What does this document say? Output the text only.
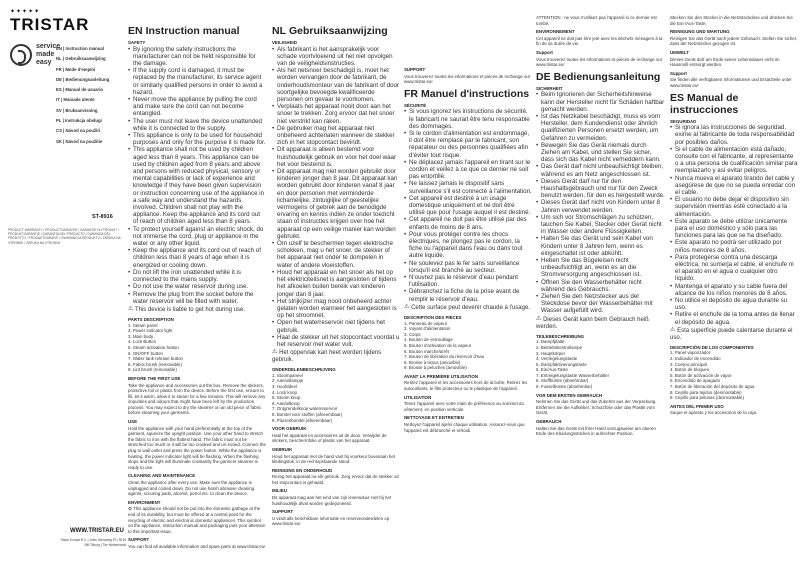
✦✦✦✦✦
TRISTAR
service
made
easy
EN | Instruction manual
NL | Gebruiksaanwijzing
FR | Mode d'emploi
DE | Bedienungsanleitung
ES | Manual de usuario
IT | Manuale utente
SV | Bruksanvisning
PL | Instrukcja obsługi
CS | Návod na použití
SK | Návod na použitie
ST-8916
PRODUCT WARRANTY / PRODUCTGARANTIE / GARANTIE DU PRODUIT / PRODUKTGARANTIE / GARANTÍA DEL PRODUCTO / GARANZIA DEL PRODOTTO / PRODUKTGARANTI / GWARANCJA PRODUKTU / ZÁRUKA NA VÝROBEK / ZÁRUKA NA VÝROBOK
WWW.TRISTAR.EU
Tristar Europe B.V. | Jules Verneweg 87 | 5015 BM Tilburg | The Netherlands
EN Instruction manual
SAFETY
• By ignoring the safety instructions the manufacturer can not be held responsible for the damage.
• If the supply cord is damaged, it must be replaced by the manufacturer, its service agent or similarly qualified persons in order to avoid a hazard.
• Never move the appliance by pulling the cord and make sure the cord can not become entangled.
• The user must not leave the device unattended while it is connected to the supply.
• This appliance is only to be used for household purposes and only for the purpose it is made for.
• This appliance shall not be used by children aged less than 8 years. This appliance can be used by children aged from 8 years and above and persons with reduced physical, sensory or mental capabilities or lack of experience and knowledge if they have been given supervision or instruction concerning use of the appliance in a safe way and understand the hazards involved. Children shall not play with the appliance. Keep the appliance and its cord out of reach of children aged less than 8 years.
• To protect yourself against an electric shock, do not immerse the cord, plug or appliance in the water or any other liquid.
• Keep the appliance and its cord out of reach of children less than 8 years of age when it is energized or cooling down.
• Do not lift the iron unattended while it is connected to the mains supply.
• Do not use the water reservoir during use.
• Remove the plug from the socket before the water reservoir will be filled with water.

⚠ This device is liable to get hot during use.

PARTS DESCRIPTION
1. Steam panel
2. Power indicator light
3. Main body
4. Lock Button
5. Steam activation button
6. ON/OFF button
7. Water tank release button
8. Fabric brush (removable)
9. Lint brush (removable)
BEFORE THE FIRST USE

Take the appliance and accessories out the box. Remove the stickers, protective foil or plastic from the device. Before the first use, ensure to fill, let it warm, allow it to steam for a few minutes. This will remove any impurities and odours that might have been left by the production process. You may expect to dry the steamer on an old piece of fabric before steaming your garments.

USE

Hold the appliance with your hand preferentially at the top of the garment, squeeze the upright position. Use your other hand to stretch the fabric to iron with the flattest hand. The fabric must not be stretched too much or it will be too crooked and un-ironed. Connect the plug to wall outlet and press the power button. While the appliance is heating, the power indicator light will be flashing. When the flashing stops and the light will illuminate constantly the garment steamer is ready to use.

CLEANING AND MAINTENANCE

Clean the appliance after every use. Make sure the appliance is unplugged and cooled down. Do not use harsh abrasive cleaning agents, scouring pads, alcohol, petrol etc. to clean the device.

ENVIRONMENT

♻ This appliance should not be put into the domestic garbage at the end of its durability, but must be offered at a central point for the recycling of electric and electronic domestic appliances. This symbol on the appliance, instruction manual and packaging puts your attention to this important issue.

SUPPORT

You can find all available information and spare parts at www.tristar.eu!

NL Gebruiksaanwijzing
VEILIGHEID
• Als fabrikant is het aansprakelijk voor schade voortvloeiend uit het niet opvolgen van de veiligheidsinstructies.
• Als het netsnoer beschadigd is, moet het worden vervangen door de fabrikant, de onderhoudsmonteur van de fabrikant of door soortgelijke bevoegde kwalificeerde personen om gevaar te voorkomen.
• Verplaats het apparaat nooit door aan het snoer te trekken. Zorg ervoor dat het snoer niet verstrikt kan raken.
• De gebruiker mag het apparaat niet onbeheerd achterlaten wanneer de stekker zich in het stopcontact bevindt.
• Dit apparaat is alleen bestemd voor huishoudelijk gebruik en voor het doel waar het voor bestemd is.
• Dit apparaat mag niet worden gebruikt door kinderen jonger dan 8 jaar. Dit apparaat kan worden gebruikt door kinderen vanaf 8 jaar en door personen met verminderde lichamelijke, zintuiglijke of geestelijke vermogens of gebrek aan de benodigde ervaring en kennis indien ze onder toezicht staan of instructies krijgen over hoe het apparaat op een veilige manier kan worden gebruikt.
• Om uzelf te beschermen tegen elektrische schokken, mag u het snoer, de stekker of het apparaat niet onder te dompelen in water of andere vloeistoffen.
• Houd het apparaat en het snoer als het op het elektriciteitsnet is aangesloten of tijdens het afkoelen buiten bereik van kinderen jonger dan 8 jaar.
• Het strijkijzer mag nooit onbeheerd achter gelaten worden wanneer het aangesloten is op het stroomnet.
• Open het waterreservoir niet tijdens het gebruik.
• Haal de stekker uit het stopcontact voordat u het reservoir met water vult.

⚠ Het oppervlak kan heet worden tijdens gebruik.

ONDERDELENBESCHRIJVING
1. Stoompaneel
2. Aan/uitlampje
3. Hoofddeel
4. Lock knop
5. Stoom knop
6. Aan/uitknop
7. Ontgrendelknop waterreservoir
8. Borstel voor stoffen (afneembaar)
9. Pluizenborstel (afneembaar)
VOOR GEBRUIK

Haal het apparaat en accessoires uit de doos. Verwijder de stickers, beschermfolie of plastic van het apparaat.

GEBRUIK

Houd het apparaat met de hand vast bij voorkeur bovenaan het kledingstuk, in de rechtopstaande stand.

REINIGING EN ONDERHOUD

Reinig het apparaat na elk gebruik. Zorg ervoor dat de stekker uit het stopcontact is gehaald.

MILIEU

Dit apparaat mag aan het eind van zijn levensduur niet bij het huishoudelijk afval worden gedeponeerd.

SUPPORT

U vindt alle beschikbare informatie en reserveonderdelen op www.tristar.eu!

SUPPORT

Vous trouverez toutes les informations et pièces de rechange sur www.tristar.eu!

FR Manuel d'instructions
SÉCURITÉ
• Si vous ignorez les instructions de sécurité, le fabricant ne saurait être tenu responsable des dommages.
• Si le cordon d'alimentation est endommagé, il doit être remplacé par le fabricant, son réparateur ou des personnes qualifiées afin d'éviter tout risque.
• Ne déplacez jamais l'appareil en tirant sur le cordon et veillez à ce que ce dernier ne soit pas entortillé.
• Ne laissez jamais le dispositif sans surveillance s'il est connecté à l'alimentation.
• Cet appareil est destiné à un usage domestique uniquement et ne doit être utilisé que pour l'usage auquel il est destiné.
• Cet appareil ne doit pas être utilisé par des enfants de moins de 8 ans.
• Pour vous protéger contre les chocs électriques, ne plongez pas le cordon, la fiche ou l'appareil dans l'eau ou dans tout autre liquide.
• Ne soulevez pas le fer sans surveillance lorsqu'il est branché au secteur.
• N'ouvrez pas le réservoir d'eau pendant l'utilisation.
• Débranchez la fiche de la prise avant de remplir le réservoir d'eau.

⚠ Cette surface peut devenir chaude à l'usage.

DESCRIPTION DES PIÈCES
1. Panneau de vapeur
2. Voyant d'alimentation
3. Corps
4. Bouton de verrouillage
5. Bouton d'activation de la vapeur
6. Bouton marche/arrêt
7. Bouton de libération du réservoir d'eau
8. Brosse à tissus (amovible)
9. Brosse à peluches (amovible)
AVANT LA PREMIÈRE UTILISATION

Retirez l'appareil et les accessoires hors de la boîte. Retirez les autocollants, le film protecteur ou le plastique de l'appareil.

UTILISATION

Tenez l'appareil avec votre main de préférence au sommet du vêtement, en position verticale.

NETTOYAGE ET ENTRETIEN

Nettoyez l'appareil après chaque utilisation. Assurez-vous que l'appareil est débranché et refroidi.

ATTENTION : ne vous n'utilisez pas l'appareil si ce dernier est tombé.

ENVIRONNEMENT

Cet appareil ne doit pas être jeté avec les déchets ménagers à la fin de sa durée de vie.

Support

Vous trouverez toutes les informations et pièces de rechange sur www.tristar.eu!

DE Bedienungsanleitung
SICHERHEIT
• Beim Ignorieren der Sicherheitshinweise kann der Hersteller nicht für Schäden haftbar gemacht werden.
• Ist das Netzkabel beschädigt, muss es vom Hersteller, dem Kundendienst oder ähnlich qualifizierten Personen ersetzt werden, um Gefahren zu vermeiden.
• Bewegen Sie das Gerät niemals durch Ziehen am Kabel, und stellen Sie sicher, dass sich das Kabel nicht verheddern kann.
• Das Gerät darf nicht unbeaufsichtigt bleiben, während es am Netz angeschlossen ist.
• Dieses Gerät darf nur für den Haushaltsgebrauch und nur für den Zweck benutzt werden, für den es hergestellt wurde.
• Dieses Gerät darf nicht von Kindern unter 8 Jahren verwendet werden.
• Um sich vor Stromschlägen zu schützen, tauchen Sie Kabel, Stecker oder Gerät nicht in Wasser oder andere Flüssigkeiten.
• Halten Sie das Gerät und sein Kabel von Kindern unter 8 Jahren fern, wenn es eingeschaltet ist oder abkühlt.
• Heben Sie das Bügeleisen nicht unbeaufsichtigt an, wenn es an die Stromversorgung angeschlossen ist.
• Öffnen Sie den Wasserbehälter nicht während des Gebrauchs.
• Ziehen Sie den Netzstecker aus der Steckdose bevor der Wasserbehälter mit Wasser aufgefüllt wird.

⚠ Dieses Gerät kann beim Gebrauch heiß werden.

TEILEBESCHREIBUNG
1. Dampfplatte
2. Betriebskontrollampe
3. Hauptkörper
4. Verriegelungstaste
5. Dampfaktivierungstaste
6. Ein/Aus-Taste
7. Entriegelungstaste Wasserbehälter
8. Stoffbürste (abnehmbar)
9. Fusselbürste (abnehmbar)
VOR DEM ERSTEN GEBRAUCH

Nehmen Sie das Gerät und das Zubehör aus der Verpackung. Entfernen Sie die Aufkleber, Schutzfolie oder das Plastik vom Gerät.

GEBRAUCH

Halten Sie das Gerät mit Ihrer Hand vorzugsweise am oberen Ende des Kleidungsstückes in aufrechter Position.

Stecken Sie den Stecker in die Netzsteckdose und drücken Sie die Ein-/Aus-Taste.

REINIGUNG UND WARTUNG

Reinigen Sie das Gerät nach jedem Gebrauch. Stellen Sie sicher, dass der Netzstecker gezogen ist.

UMWELT

Dieses Gerät darf am Ende seiner Lebensdauer nicht im Hausmüll entsorgt werden.

Support

Sie finden alle verfügbaren Informationen und Ersatzteile unter www.tristar.eu!

ES Manual de instrucciones
SEGURIDAD
• Si ignora las instrucciones de seguridad, exime al fabricante de toda responsabilidad por posibles daños.
• Si el cable de alimentación está dañado, consulte con el fabricante, al representante o a una persona de cualificación similar para reemplazarlo y así evitar peligros.
• Nunca mueva el aparato tirando del cable y asegúrese de que no se pueda enredar con el cable.
• El usuario no debe dejar el dispositivo sin supervisión mientras esté conectado a la alimentación.
• Este aparato se debe utilizar únicamente para el uso doméstico y sólo para las funciones para las que se ha diseñado.
• Este aparato no podrá ser utilizado por niños menores de 8 años.
• Para protegerse contra una descarga eléctrica, no sumerja el cable, el enchufe ni el aparato en el agua o cualquier otro líquido.
• Mantenga el aparato y su cable fuera del alcance de los niños menores de 8 años.
• No utilice el depósito de agua durante su uso.
• Retire el enchufe de la toma antes de llenar el depósito de agua.

⚠ Esta superficie puede calentarse durante el uso.

DESCRIPCIÓN DE LOS COMPONENTES
1. Panel vaporizador
2. Indicador de encendido
3. Cuerpo principal
4. Botón de bloqueo
5. Botón de activación de vapor
6. Encendido de apagado
7. Botón de liberación del depósito de agua
8. Cepillo para tejidos (desmontable)
9. Cepillo para pelusas (desmontable)
ANTES DEL PRIMER USO

Saque el aparato y los accesorios de la caja.
